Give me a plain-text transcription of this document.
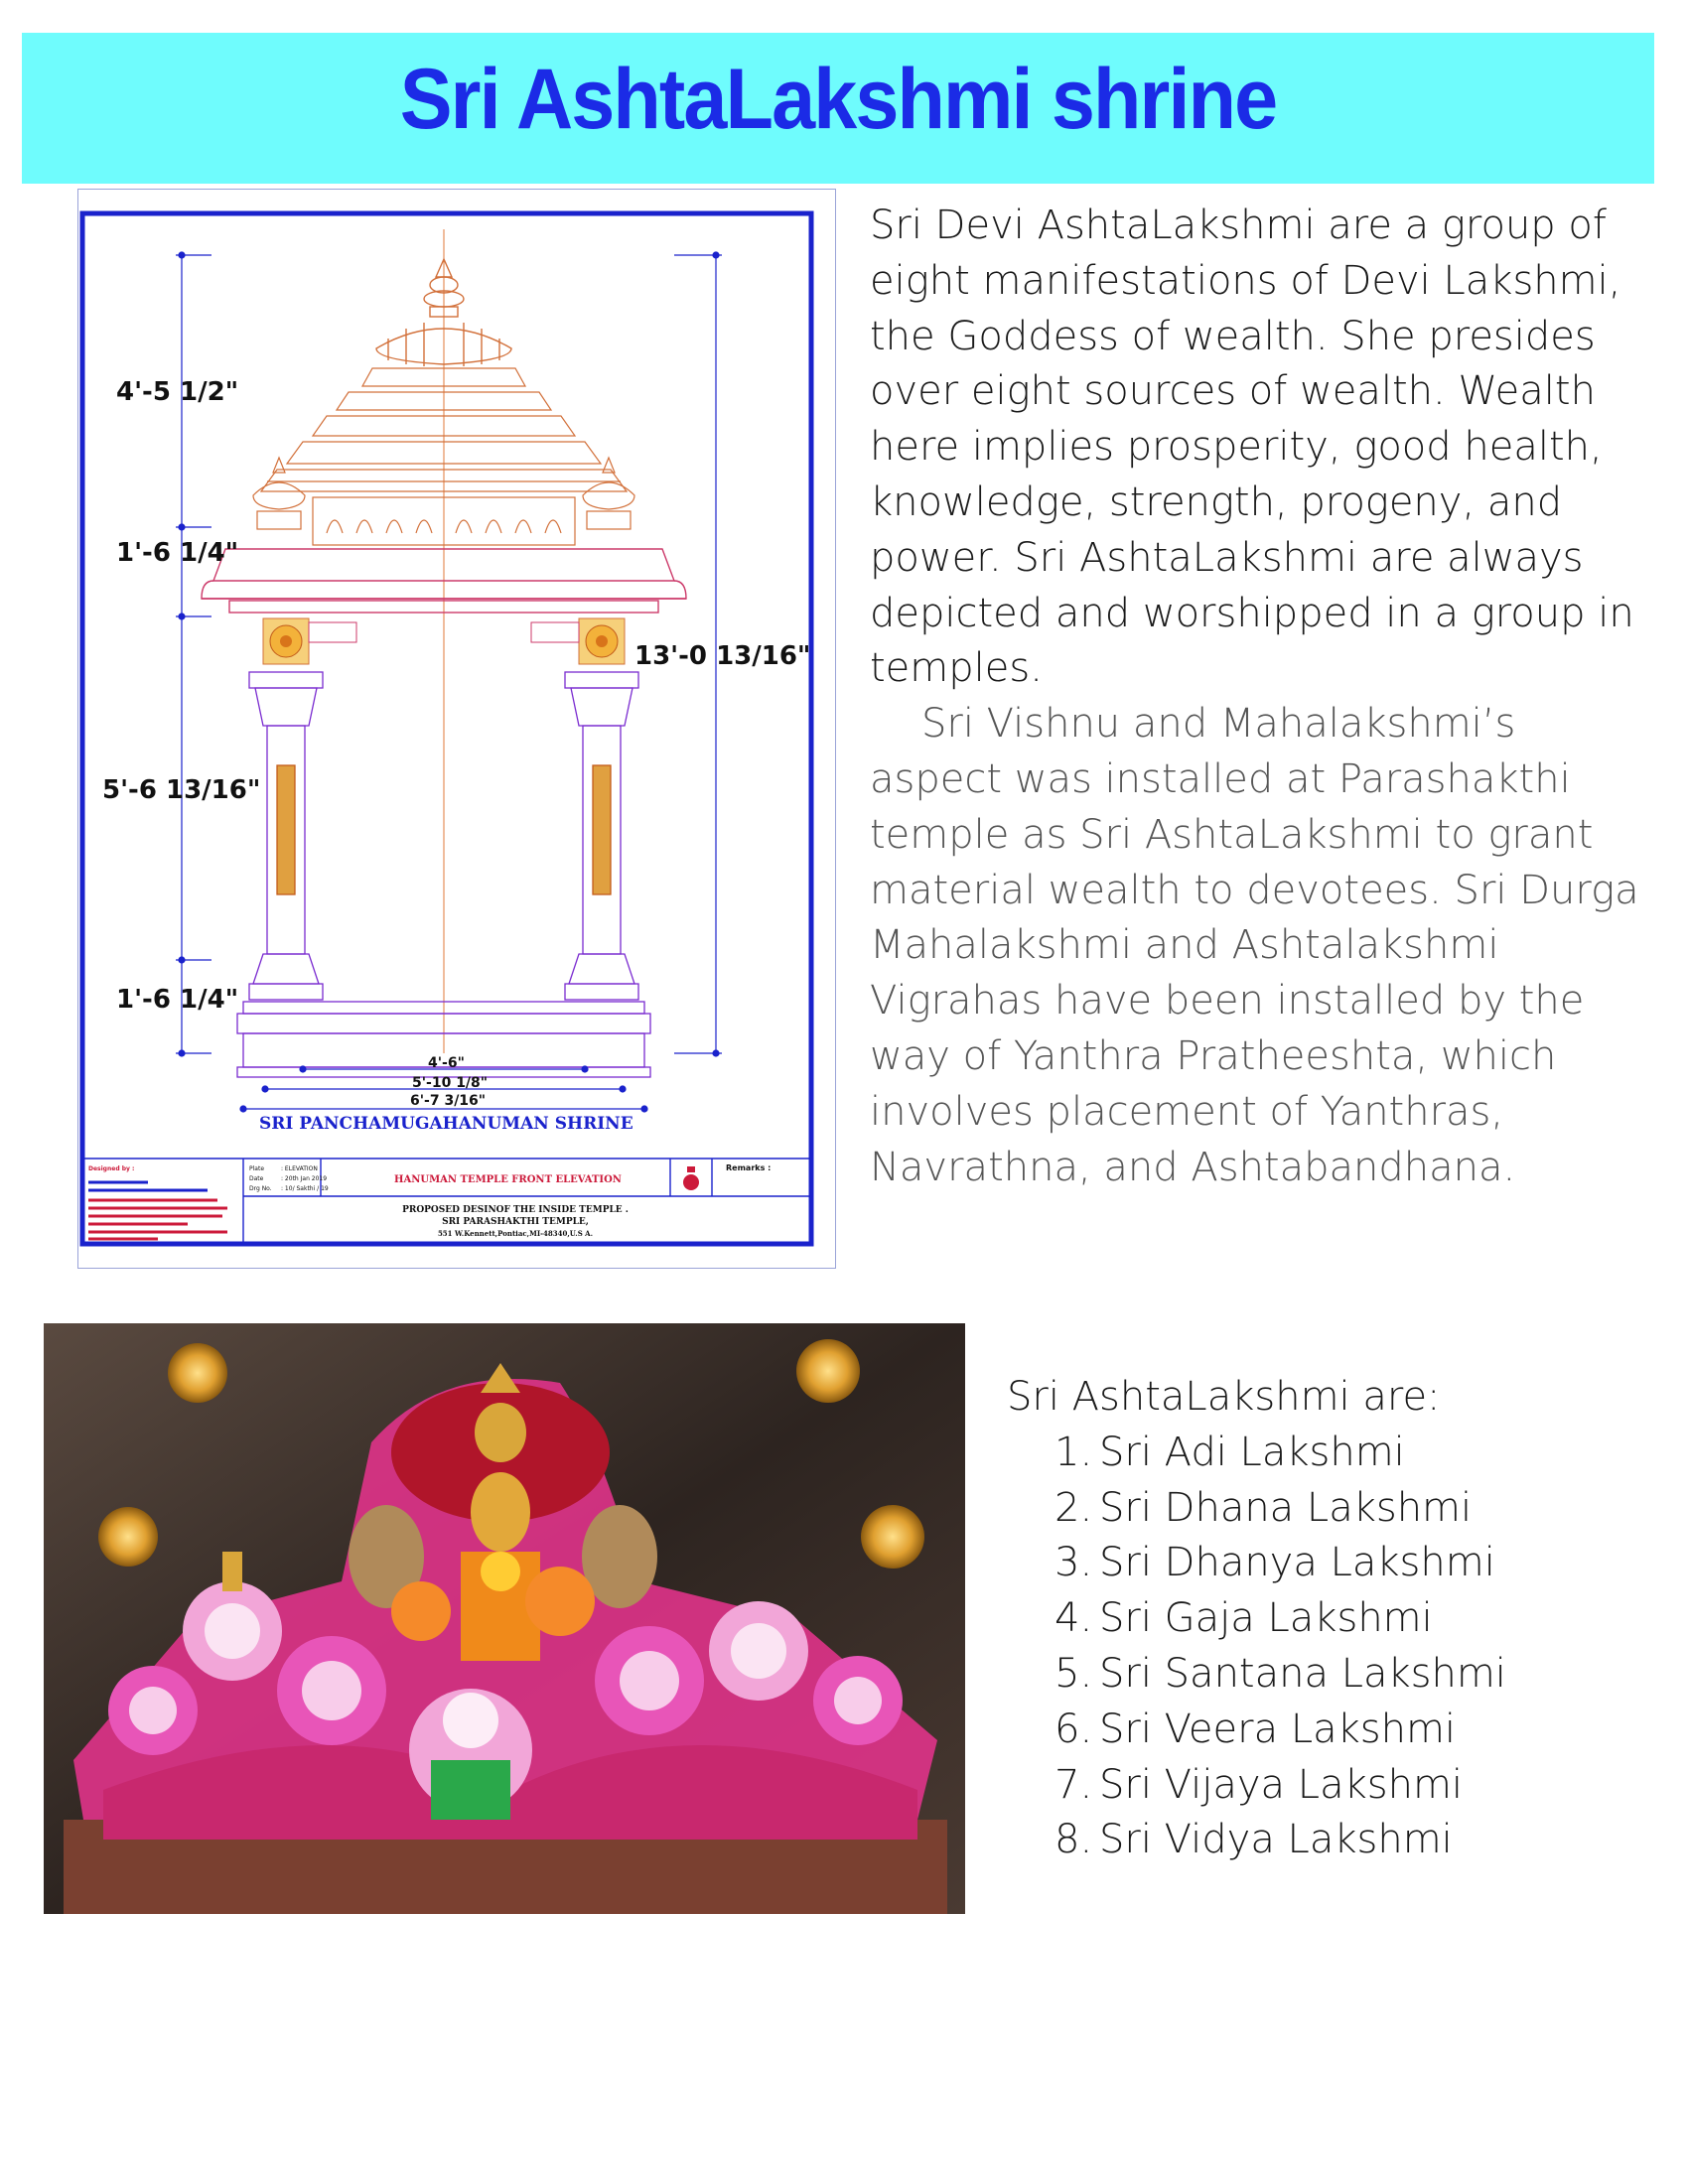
Sri AshtaLakshmi shrine
4'-5 1/2"
1'-6 1/4"
5'-6 13/16"
1'-6 1/4"
13'-0 13/16"
4'-6"
5'-10 1/8"
6'-7 3/16"
SRI PANCHAMUGAHANUMAN SHRINE
Designed by :	Plate	: ELEVATION
Date	: 20th Jan 2019
Drg No. : 10/ Sakthi / 19
HANUMAN TEMPLE FRONT ELEVATION
Remarks :
PROPOSED DESINOF THE INSIDE TEMPLE .
SRI PARASHAKTHI TEMPLE,
551 W.Kennett,Pontiac,MI-48340,U.S A.

Sri Devi AshtaLakshmi are a group of eight manifestations of Devi Lakshmi, the Goddess of wealth. She presides over eight sources of wealth. Wealth here implies prosperity, good health, knowledge, strength, progeny, and power. Sri AshtaLakshmi are always depicted and worshipped in a group in temples.

Sri Vishnu and Mahalakshmi’s aspect was installed at Parashakthi temple as Sri AshtaLakshmi to grant material wealth to devotees. Sri Durga Mahalakshmi and Ashtalakshmi Vigrahas have been installed by the way of Yanthra Pratheeshta, which involves placement of Yanthras, Navrathna, and Ashtabandhana.

Sri AshtaLakshmi are:

1. Sri Adi Lakshmi
2. Sri Dhana Lakshmi
3. Sri Dhanya Lakshmi
4. Sri Gaja Lakshmi
5. Sri Santana Lakshmi
6. Sri Veera Lakshmi
7. Sri Vijaya Lakshmi
8. Sri Vidya Lakshmi
